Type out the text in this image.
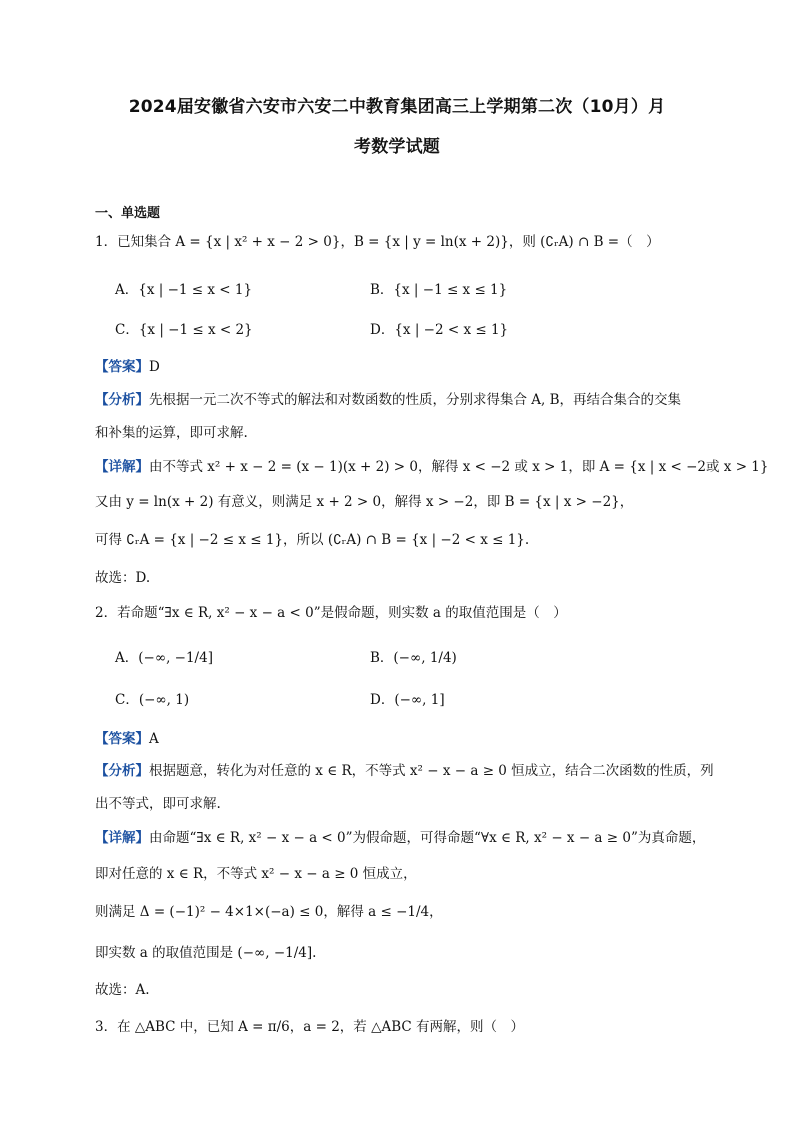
2024届安徽省六安市六安二中教育集团高三上学期第二次（10月）月
考数学试题
一、单选题
1．已知集合 A = {x | x² + x − 2 > 0}，B = {x | y = ln(x + 2)}，则 (∁ᵣA) ∩ B =（　）
A．{x | −1 ≤ x < 1}	B．{x | −1 ≤ x ≤ 1}
C．{x | −1 ≤ x < 2}	D．{x | −2 < x ≤ 1}
【答案】D
【分析】先根据一元二次不等式的解法和对数函数的性质，分别求得集合 A, B，再结合集合的交集
和补集的运算，即可求解.
【详解】由不等式 x² + x − 2 = (x − 1)(x + 2) > 0，解得 x < −2 或 x > 1，即 A = {x | x < −2或 x > 1}
又由 y = ln(x + 2) 有意义，则满足 x + 2 > 0，解得 x > −2，即 B = {x | x > −2}，
可得 ∁ᵣA = {x | −2 ≤ x ≤ 1}，所以 (∁ᵣA) ∩ B = {x | −2 < x ≤ 1}.
故选：D.
2．若命题“∃x ∈ R, x² − x − a < 0”是假命题，则实数 a 的取值范围是（　）
A．(−∞, −1/4]	B．(−∞, 1/4)
C．(−∞, 1)	D．(−∞, 1]
【答案】A
【分析】根据题意，转化为对任意的 x ∈ R，不等式 x² − x − a ≥ 0 恒成立，结合二次函数的性质，列
出不等式，即可求解.
【详解】由命题“∃x ∈ R, x² − x − a < 0”为假命题，可得命题“∀x ∈ R, x² − x − a ≥ 0”为真命题，
即对任意的 x ∈ R，不等式 x² − x − a ≥ 0 恒成立，
则满足 Δ = (−1)² − 4×1×(−a) ≤ 0，解得 a ≤ −1/4，
即实数 a 的取值范围是 (−∞, −1/4].
故选：A.
3．在 △ABC 中，已知 A = π/6，a = 2，若 △ABC 有两解，则（　）
